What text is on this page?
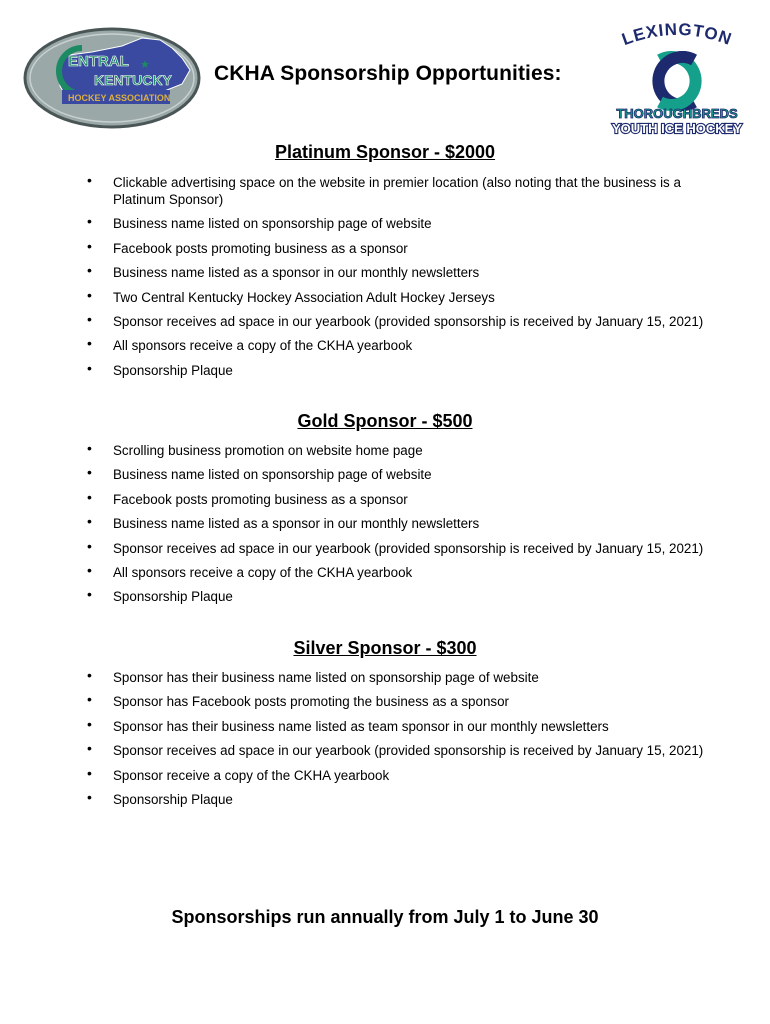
ENTRAL ★
KENTUCKY
HOCKEY ASSOCIATION
CKHA Sponsorship Opportunities:
LEXINGTON
THOROUGHBREDS
YOUTH ICE HOCKEY
Platinum Sponsor - $2000
• Clickable advertising space on the website in premier location (also noting that the business is a Platinum Sponsor)
• Business name listed on sponsorship page of website
• Facebook posts promoting business as a sponsor
• Business name listed as a sponsor in our monthly newsletters
• Two Central Kentucky Hockey Association Adult Hockey Jerseys
• Sponsor receives ad space in our yearbook (provided sponsorship is received by January 15, 2021)
• All sponsors receive a copy of the CKHA yearbook
• Sponsorship Plaque
Gold Sponsor - $500
• Scrolling business promotion on website home page
• Business name listed on sponsorship page of website
• Facebook posts promoting business as a sponsor
• Business name listed as a sponsor in our monthly newsletters
• Sponsor receives ad space in our yearbook (provided sponsorship is received by January 15, 2021)
• All sponsors receive a copy of the CKHA yearbook
• Sponsorship Plaque
Silver Sponsor - $300
• Sponsor has their business name listed on sponsorship page of website
• Sponsor has Facebook posts promoting the business as a sponsor
• Sponsor has their business name listed as team sponsor in our monthly newsletters
• Sponsor receives ad space in our yearbook (provided sponsorship is received by January 15, 2021)
• Sponsor receive a copy of the CKHA yearbook
• Sponsorship Plaque
Sponsorships run annually from July 1 to June 30
